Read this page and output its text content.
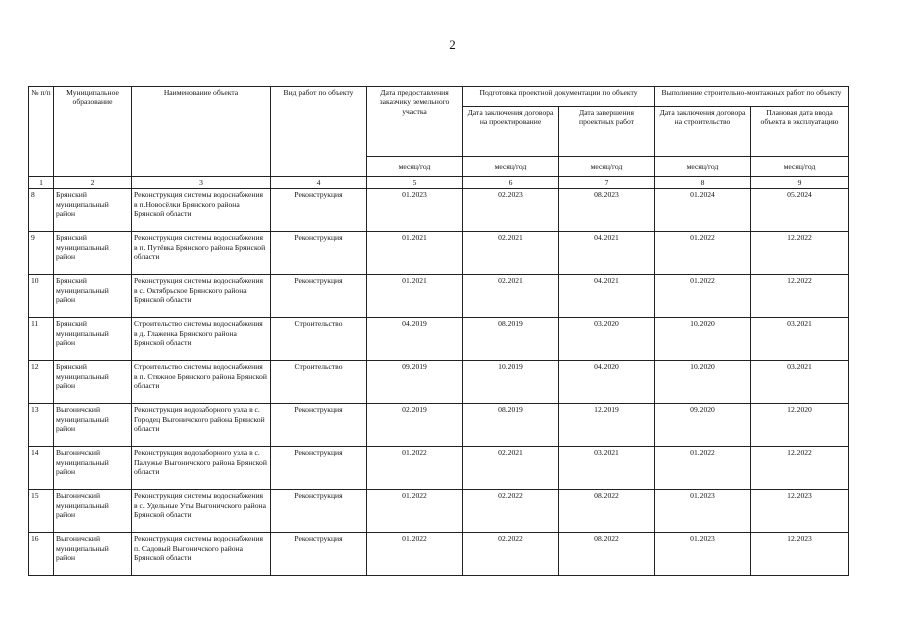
2
№ п/п	Муниципальное образование	Наименование объекта	Вид работ по объекту	Дата предоставления заказчику земельного участка	Подготовка проектной документации по объекту		Выполнение строительно-монтажных работ по объекту	
					Дата заключения договора на проектирование	Дата завершения проектных работ	Дата заключения договора на строительство	Плановая дата ввода объекта в эксплуатацию
				месяц/год	месяц/год	месяц/год	месяц/год	месяц/год
1	2	3	4	5	6	7	8	9
8	Брянский муниципальный район	Реконструкция системы водоснабжения в п.Новосёлки Брянского района Брянской области	Реконструкция	01.2023	02.2023	08.2023	01.2024	05.2024
9	Брянский муниципальный район	Реконструкция системы водоснабжения в п. Путёвка Брянского района Брянской области	Реконструкция	01.2021	02.2021	04.2021	01.2022	12.2022
10	Брянский муниципальный район	Реконструкция системы водоснабжения в с. Октябрьское Брянского района Брянской области	Реконструкция	01.2021	02.2021	04.2021	01.2022	12.2022
11	Брянский муниципальный район	Строительство системы водоснабжения в д. Глаженка Брянского района Брянской области	Строительство	04.2019	08.2019	03.2020	10.2020	03.2021
12	Брянский муниципальный район	Строительство системы водоснабжения в п. Стяжное Брянского района Брянской области	Строительство	09.2019	10.2019	04.2020	10.2020	03.2021
13	Выгоничский муниципальный район	Реконструкция водозаборного узла в с. Городец Выгоничского района Брянской области	Реконструкция	02.2019	08.2019	12.2019	09.2020	12.2020
14	Выгоничский муниципальный район	Реконструкция водозаборного узла в с. Палужье Выгоничского района Брянской области	Реконструкция	01.2022	02.2021	03.2021	01.2022	12.2022
15	Выгоничский муниципальный район	Реконструкция системы водоснабжения в с. Удельные Уты Выгоничского района Брянской области	Реконструкция	01.2022	02.2022	08.2022	01.2023	12.2023
16	Выгоничский муниципальный район	Реконструкция системы водоснабжения п. Садовый Выгоничского района Брянской области	Реконструкция	01.2022	02.2022	08.2022	01.2023	12.2023
